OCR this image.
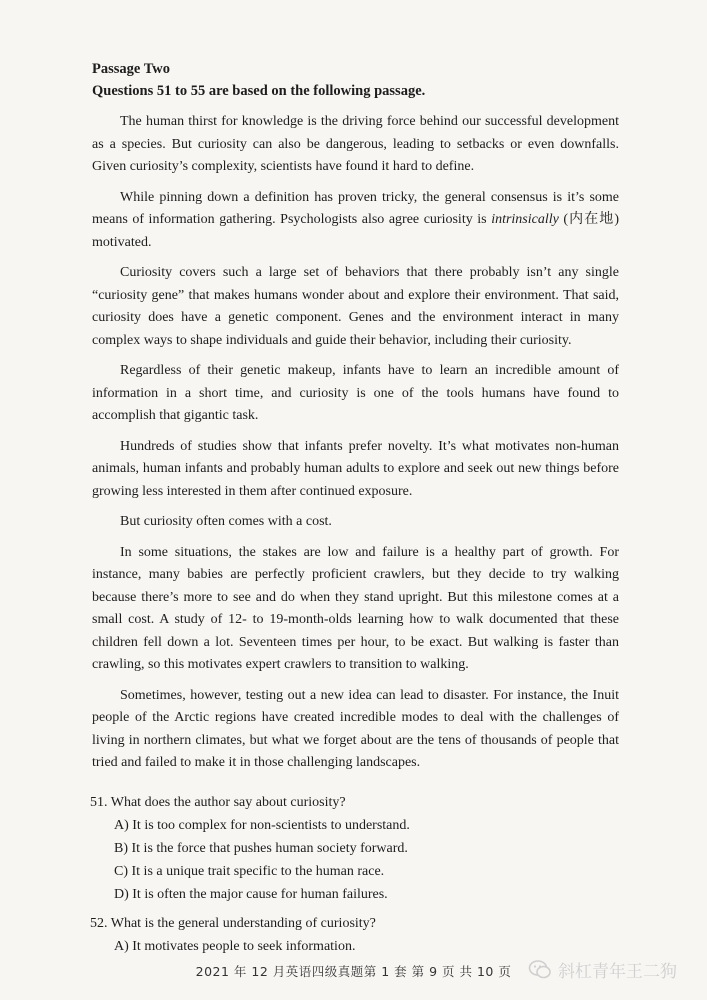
Passage Two

Questions 51 to 55 are based on the following passage.

The human thirst for knowledge is the driving force behind our successful development as a species. But curiosity can also be dangerous, leading to setbacks or even downfalls. Given curiosity’s complexity, scientists have found it hard to define.

While pinning down a definition has proven tricky, the general consensus is it’s some means of information gathering. Psychologists also agree curiosity is intrinsically (内在地) motivated.

Curiosity covers such a large set of behaviors that there probably isn’t any single “curiosity gene” that makes humans wonder about and explore their environment. That said, curiosity does have a genetic component. Genes and the environment interact in many complex ways to shape individuals and guide their behavior, including their curiosity.

Regardless of their genetic makeup, infants have to learn an incredible amount of information in a short time, and curiosity is one of the tools humans have found to accomplish that gigantic task.

Hundreds of studies show that infants prefer novelty. It’s what motivates non-human animals, human infants and probably human adults to explore and seek out new things before growing less interested in them after continued exposure.

But curiosity often comes with a cost.

In some situations, the stakes are low and failure is a healthy part of growth. For instance, many babies are perfectly proficient crawlers, but they decide to try walking because there’s more to see and do when they stand upright. But this milestone comes at a small cost. A study of 12- to 19-month-olds learning how to walk documented that these children fell down a lot. Seventeen times per hour, to be exact. But walking is faster than crawling, so this motivates expert crawlers to transition to walking.

Sometimes, however, testing out a new idea can lead to disaster. For instance, the Inuit people of the Arctic regions have created incredible modes to deal with the challenges of living in northern climates, but what we forget about are the tens of thousands of people that tried and failed to make it in those challenging landscapes.

51. What does the author say about curiosity?

A) It is too complex for non-scientists to understand.

B) It is the force that pushes human society forward.

C) It is a unique trait specific to the human race.

D) It is often the major cause for human failures.

52. What is the general understanding of curiosity?

A) It motivates people to seek information.

2021 年 12 月英语四级真题第 1 套 第 9 页 共 10 页	斜杠青年王二狗
